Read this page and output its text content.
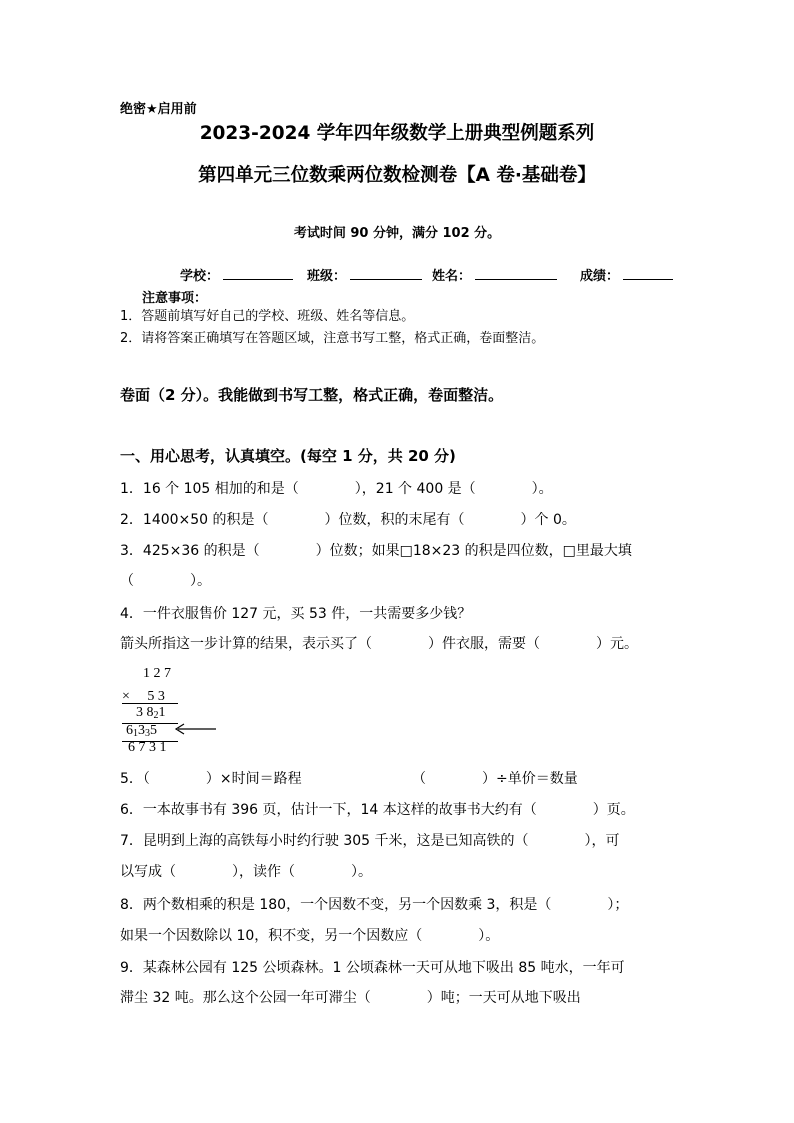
绝密★启用前
2023-2024 学年四年级数学上册典型例题系列
第四单元三位数乘两位数检测卷【A 卷·基础卷】
考试时间 90 分钟，满分 102 分。
学校：	班级：	姓名：	成绩：
注意事项：
1．答题前填写好自己的学校、班级、姓名等信息。
2．请将答案正确填写在答题区域，注意书写工整，格式正确，卷面整洁。
卷面（2 分）。我能做到书写工整，格式正确，卷面整洁。
一、用心思考，认真填空。(每空 1 分，共 20 分)
1．16 个 105 相加的和是（　　　　），21 个 400 是（　　　　）。
2．1400×50 的积是（　　　　）位数，积的末尾有（　　　　）个 0。
3．425×36 的积是（　　　　）位数；如果□18×23 的积是四位数，□里最大填
（　　　　）。
4．一件衣服售价 127 元，买 53 件，一共需要多少钱？
箭头所指这一步计算的结果，表示买了（　　　　）件衣服，需要（　　　　）元。
1 2 7
×　 5 3
3 821
61335
6 7 3 1
5．（　　　　）×时间＝路程	（　　　　）÷单价＝数量
6．一本故事书有 396 页，估计一下，14 本这样的故事书大约有（　　　　）页。
7．昆明到上海的高铁每小时约行驶 305 千米，这是已知高铁的（　　　　），可
以写成（　　　　），读作（　　　　）。
8．两个数相乘的积是 180，一个因数不变，另一个因数乘 3，积是（　　　　）；
如果一个因数除以 10，积不变，另一个因数应（　　　　）。
9．某森林公园有 125 公顷森林。1 公顷森林一天可从地下吸出 85 吨水，一年可
滞尘 32 吨。那么这个公园一年可滞尘（　　　　）吨；一天可从地下吸出
